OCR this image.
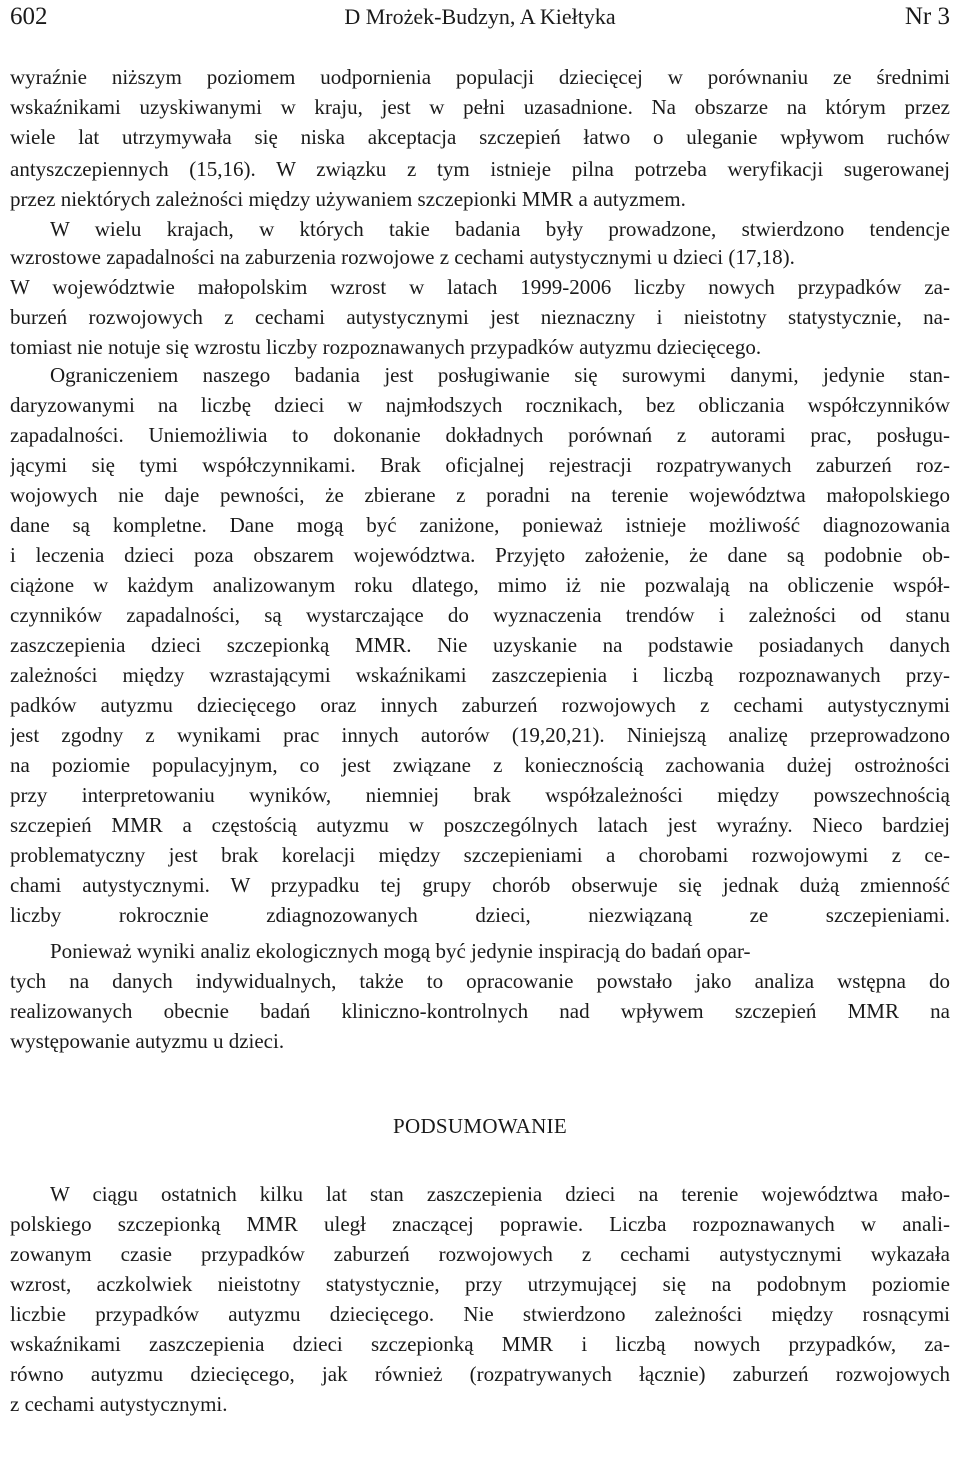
602	D Mrożek-Budzyn, A Kiełtyka	Nr 3
wyraźnie niższym poziomem uodpornienia populacji dziecięcej w porównaniu ze średnimi
wskaźnikami uzyskiwanymi w kraju, jest w pełni uzasadnione. Na obszarze na którym przez
wiele lat utrzymywała się niska akceptacja szczepień łatwo o uleganie wpływom ruchów
antyszczepiennych (15,16). W związku z tym istnieje pilna potrzeba weryfikacji sugerowanej
przez niektórych zależności między używaniem szczepionki MMR a autyzmem.
W wielu krajach, w których takie badania były prowadzone, stwierdzono tendencje
wzrostowe zapadalności na zaburzenia rozwojowe z cechami autystycznymi u dzieci (17,18).
W województwie małopolskim wzrost w latach 1999-2006 liczby nowych przypadków za-
burzeń rozwojowych z cechami autystycznymi jest nieznaczny i nieistotny statystycznie, na-
tomiast nie notuje się wzrostu liczby rozpoznawanych przypadków autyzmu dziecięcego.
Ograniczeniem naszego badania jest posługiwanie się surowymi danymi, jedynie stan-
daryzowanymi na liczbę dzieci w najmłodszych rocznikach, bez obliczania współczynników
zapadalności. Uniemożliwia to dokonanie dokładnych porównań z autorami prac, posługu-
jącymi się tymi współczynnikami. Brak oficjalnej rejestracji rozpatrywanych zaburzeń roz-
wojowych nie daje pewności, że zbierane z poradni na terenie województwa małopolskiego
dane są kompletne. Dane mogą być zaniżone, ponieważ istnieje możliwość diagnozowania
i leczenia dzieci poza obszarem województwa. Przyjęto założenie, że dane są podobnie ob-
ciążone w każdym analizowanym roku dlatego, mimo iż nie pozwalają na obliczenie współ-
czynników zapadalności, są wystarczające do wyznaczenia trendów i zależności od stanu
zaszczepienia dzieci szczepionką MMR. Nie uzyskanie na podstawie posiadanych danych
zależności między wzrastającymi wskaźnikami zaszczepienia i liczbą rozpoznawanych przy-
padków autyzmu dziecięcego oraz innych zaburzeń rozwojowych z cechami autystycznymi
jest zgodny z wynikami prac innych autorów (19,20,21). Niniejszą analizę przeprowadzono
na poziomie populacyjnym, co jest związane z koniecznością zachowania dużej ostrożności
przy interpretowaniu wyników, niemniej brak współzależności między powszechnością
szczepień MMR a częstością autyzmu w poszczególnych latach jest wyraźny. Nieco bardziej
problematyczny jest brak korelacji między szczepieniami a chorobami rozwojowymi z ce-
chami autystycznymi. W przypadku tej grupy chorób obserwuje się jednak dużą zmienność
liczby rokrocznie zdiagnozowanych dzieci, niezwiązaną ze szczepieniami.
Ponieważ wyniki analiz ekologicznych mogą być jedynie inspiracją do badań opar-
tych na danych indywidualnych, także to opracowanie powstało jako analiza wstępna do
realizowanych obecnie badań kliniczno-kontrolnych nad wpływem szczepień MMR na
występowanie autyzmu u dzieci.
PODSUMOWANIE
W ciągu ostatnich kilku lat stan zaszczepienia dzieci na terenie województwa mało-
polskiego szczepionką MMR uległ znaczącej poprawie. Liczba rozpoznawanych w anali-
zowanym czasie przypadków zaburzeń rozwojowych z cechami autystycznymi wykazała
wzrost, aczkolwiek nieistotny statystycznie, przy utrzymującej się na podobnym poziomie
liczbie przypadków autyzmu dziecięcego. Nie stwierdzono zależności między rosnącymi
wskaźnikami zaszczepienia dzieci szczepionką MMR i liczbą nowych przypadków, za-
równo autyzmu dziecięcego, jak również (rozpatrywanych łącznie) zaburzeń rozwojowych
z cechami autystycznymi.
